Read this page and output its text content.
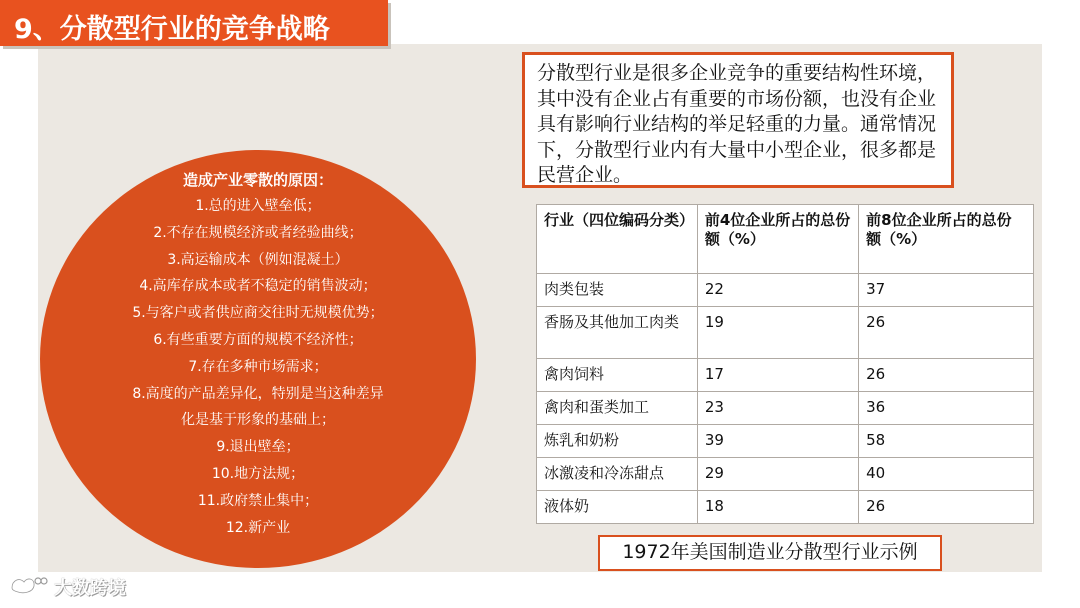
9、分散型行业的竞争战略
造成产业零散的原因：
1.总的进入壁垒低；
2.不存在规模经济或者经验曲线；
3.高运输成本（例如混凝土）
4.高库存成本或者不稳定的销售波动；
5.与客户或者供应商交往时无规模优势；
6.有些重要方面的规模不经济性；
7.存在多种市场需求；
8.高度的产品差异化，特别是当这种差异
化是基于形象的基础上；
9.退出壁垒；
10.地方法规；
11.政府禁止集中；
12.新产业
分散型行业是很多企业竞争的重要结构性环境，其中没有企业占有重要的市场份额，也没有企业具有影响行业结构的举足轻重的力量。通常情况下，分散型行业内有大量中小型企业，很多都是民营企业。
行业（四位编码分类）	前4位企业所占的总份额（%）	前8位企业所占的总份额（%）
肉类包装	22	37
香肠及其他加工肉类	19	26
禽肉饲料	17	26
禽肉和蛋类加工	23	36
炼乳和奶粉	39	58
冰激凌和冷冻甜点	29	40
液体奶	18	26
1972年美国制造业分散型行业示例
大数跨境
